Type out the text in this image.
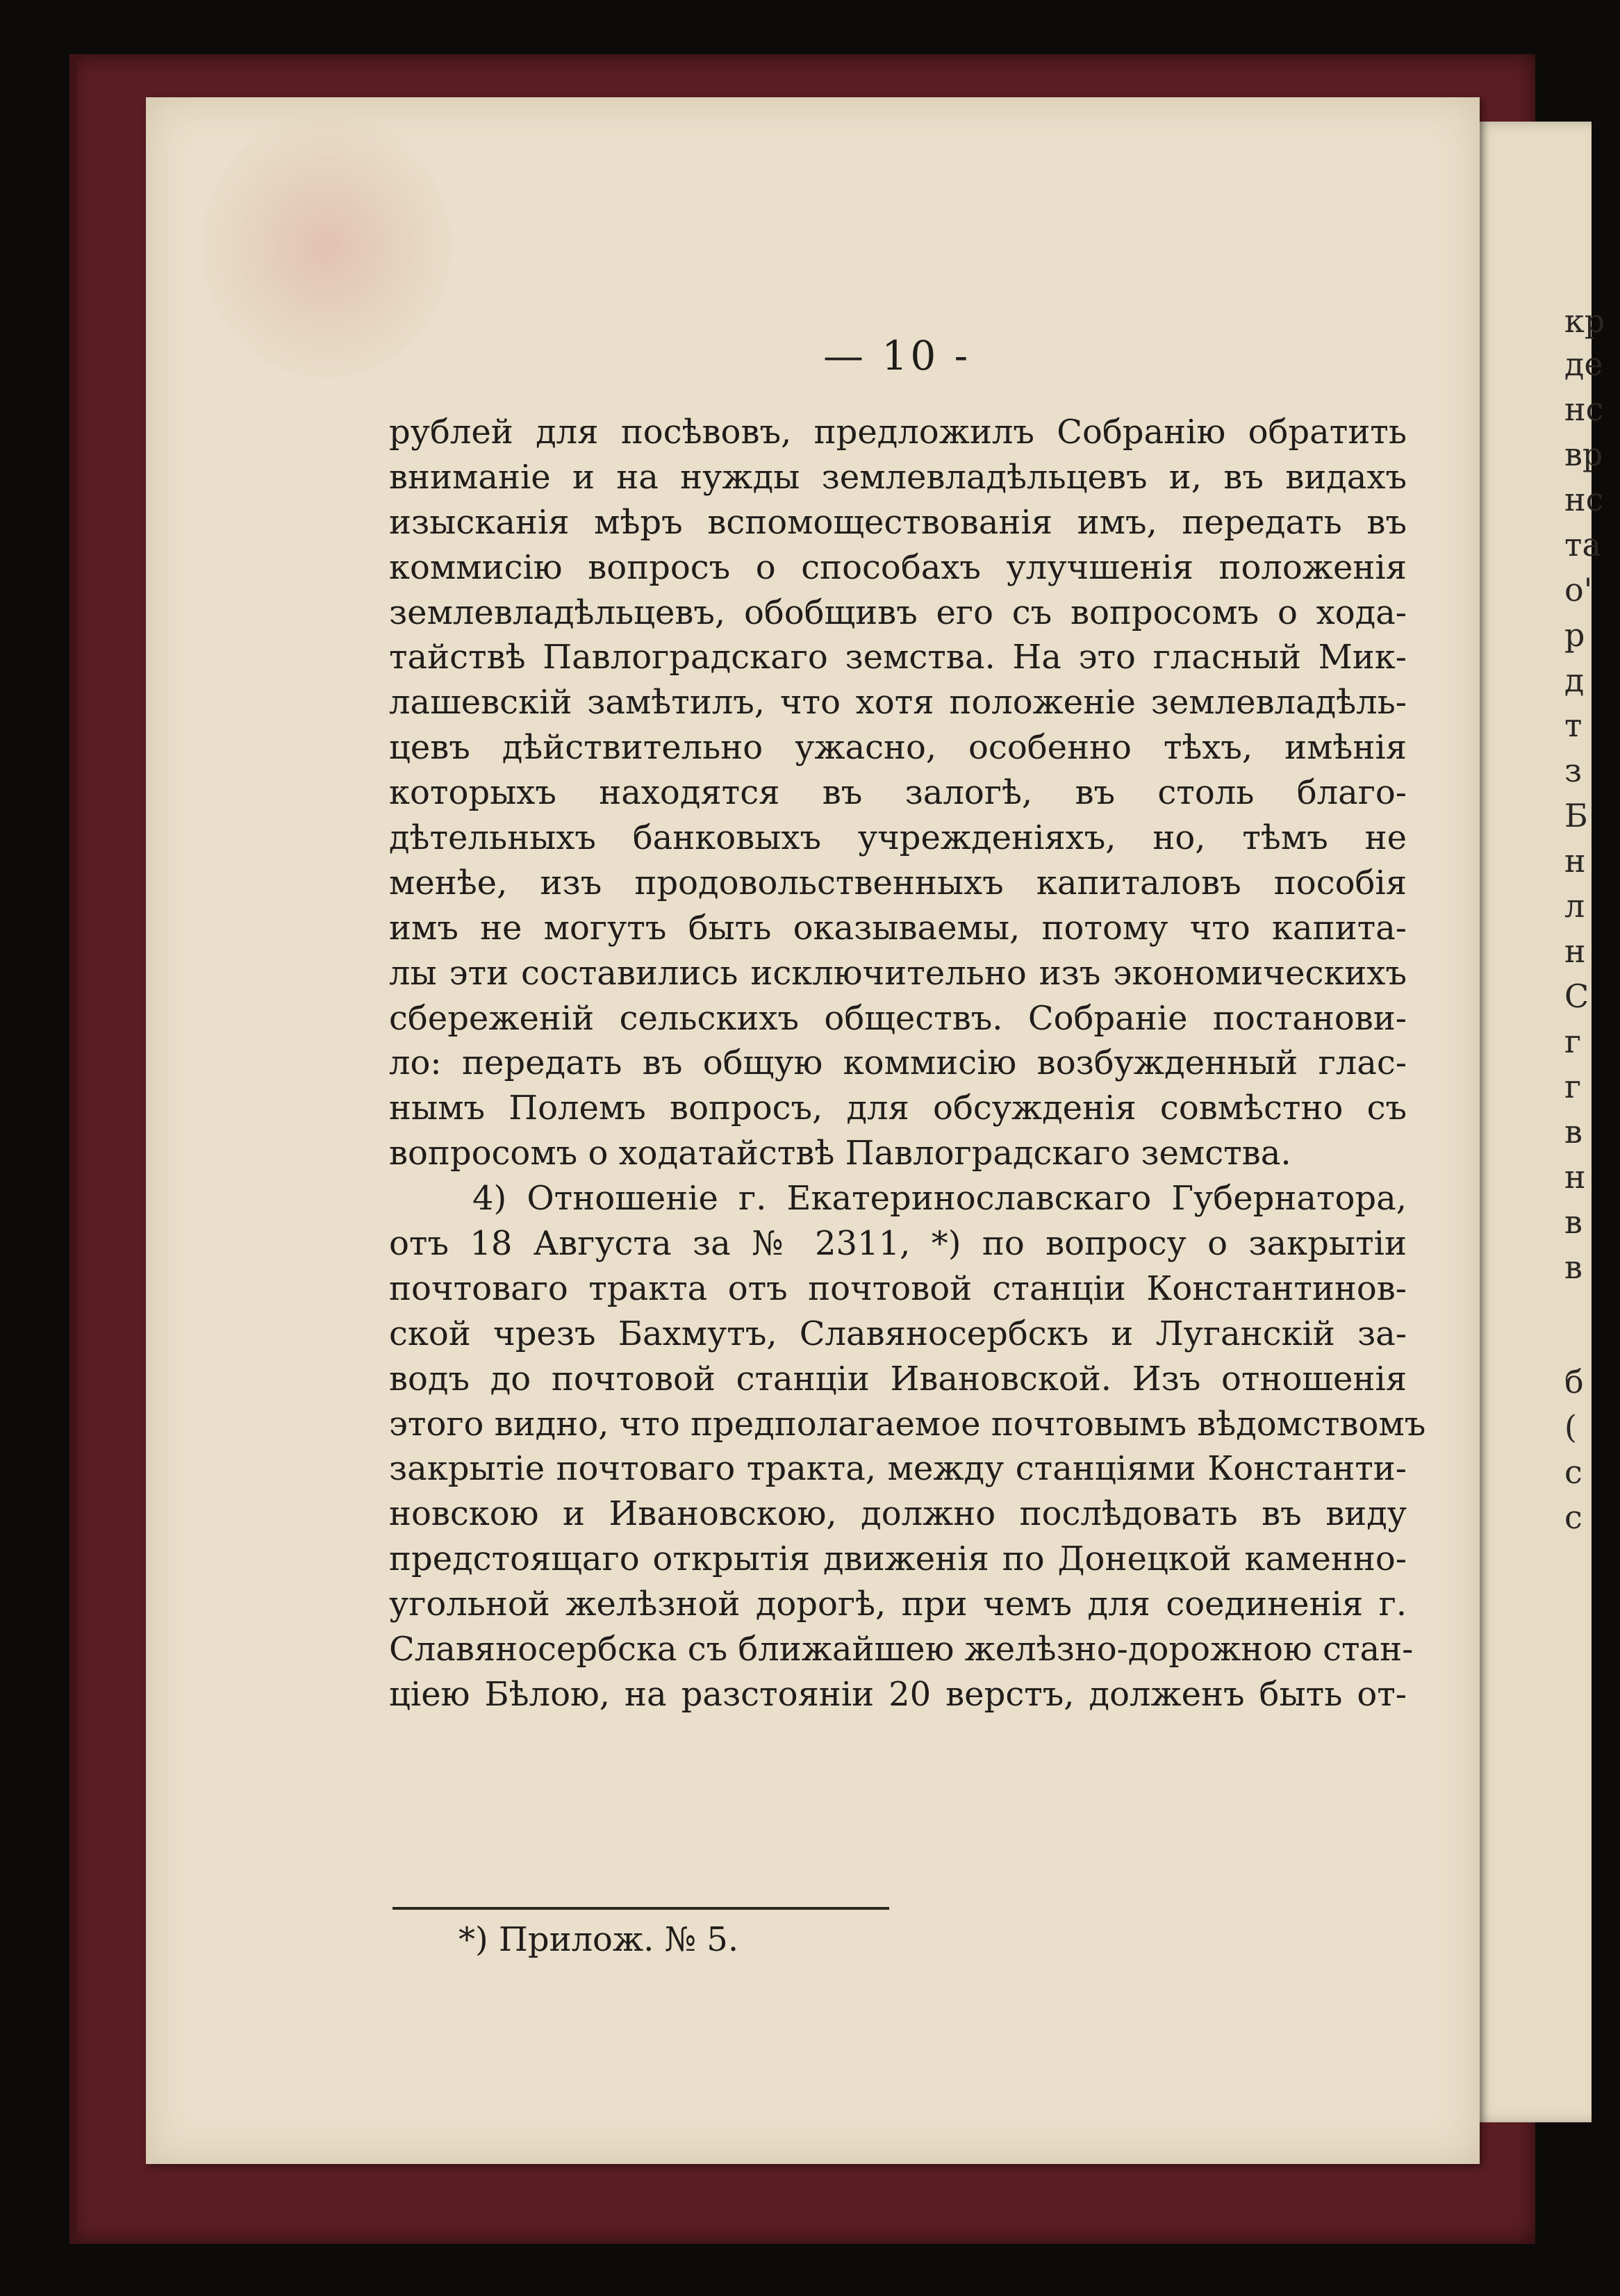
кр
де
нс
вр
нс
та
о'
р
д
т
з
Б
н
л
н
С
г
г
в
н
в
в
б
(
с
с
— 10 -
рублей для посѣвовъ, предложилъ Собранію обратить
вниманіе и на нужды землевладѣльцевъ и, въ видахъ
изысканія мѣръ вспомоществованія имъ, передать въ
коммисію вопросъ о способахъ улучшенія положенія
землевладѣльцевъ, обобщивъ его съ вопросомъ о хода-
тайствѣ Павлоградскаго земства. На это гласный Мик-
лашевскій замѣтилъ, что хотя положеніе землевладѣль-
цевъ дѣйствительно ужасно, особенно тѣхъ, имѣнія
которыхъ находятся въ залогѣ, въ столь благо-
дѣтельныхъ банковыхъ учрежденіяхъ, но, тѣмъ не
менѣе, изъ продовольственныхъ капиталовъ пособія
имъ не могутъ быть оказываемы, потому что капита-
лы эти составились исключительно изъ экономическихъ
сбереженій сельскихъ обществъ. Собраніе постанови-
ло: передать въ общую коммисію возбужденный глас-
нымъ Полемъ вопросъ, для обсужденія совмѣстно съ
вопросомъ о ходатайствѣ Павлоградскаго земства.
4) Отношеніе г. Екатеринославскаго Губернатора,
отъ 18 Августа за № 2311, *) по вопросу о закрытіи
почтоваго тракта отъ почтовой станціи Константинов-
ской чрезъ Бахмутъ, Славяносербскъ и Луганскій за-
водъ до почтовой станціи Ивановской. Изъ отношенія
этого видно, что предполагаемое почтовымъ вѣдомствомъ
закрытіе почтоваго тракта, между станціями Константи-
новскою и Ивановскою, должно послѣдовать въ виду
предстоящаго открытія движенія по Донецкой каменно-
угольной желѣзной дорогѣ, при чемъ для соединенія г.
Славяносербска съ ближайшею желѣзно-дорожною стан-
ціею Бѣлою, на разстояніи 20 верстъ, долженъ быть от-
*) Прилож. № 5.
